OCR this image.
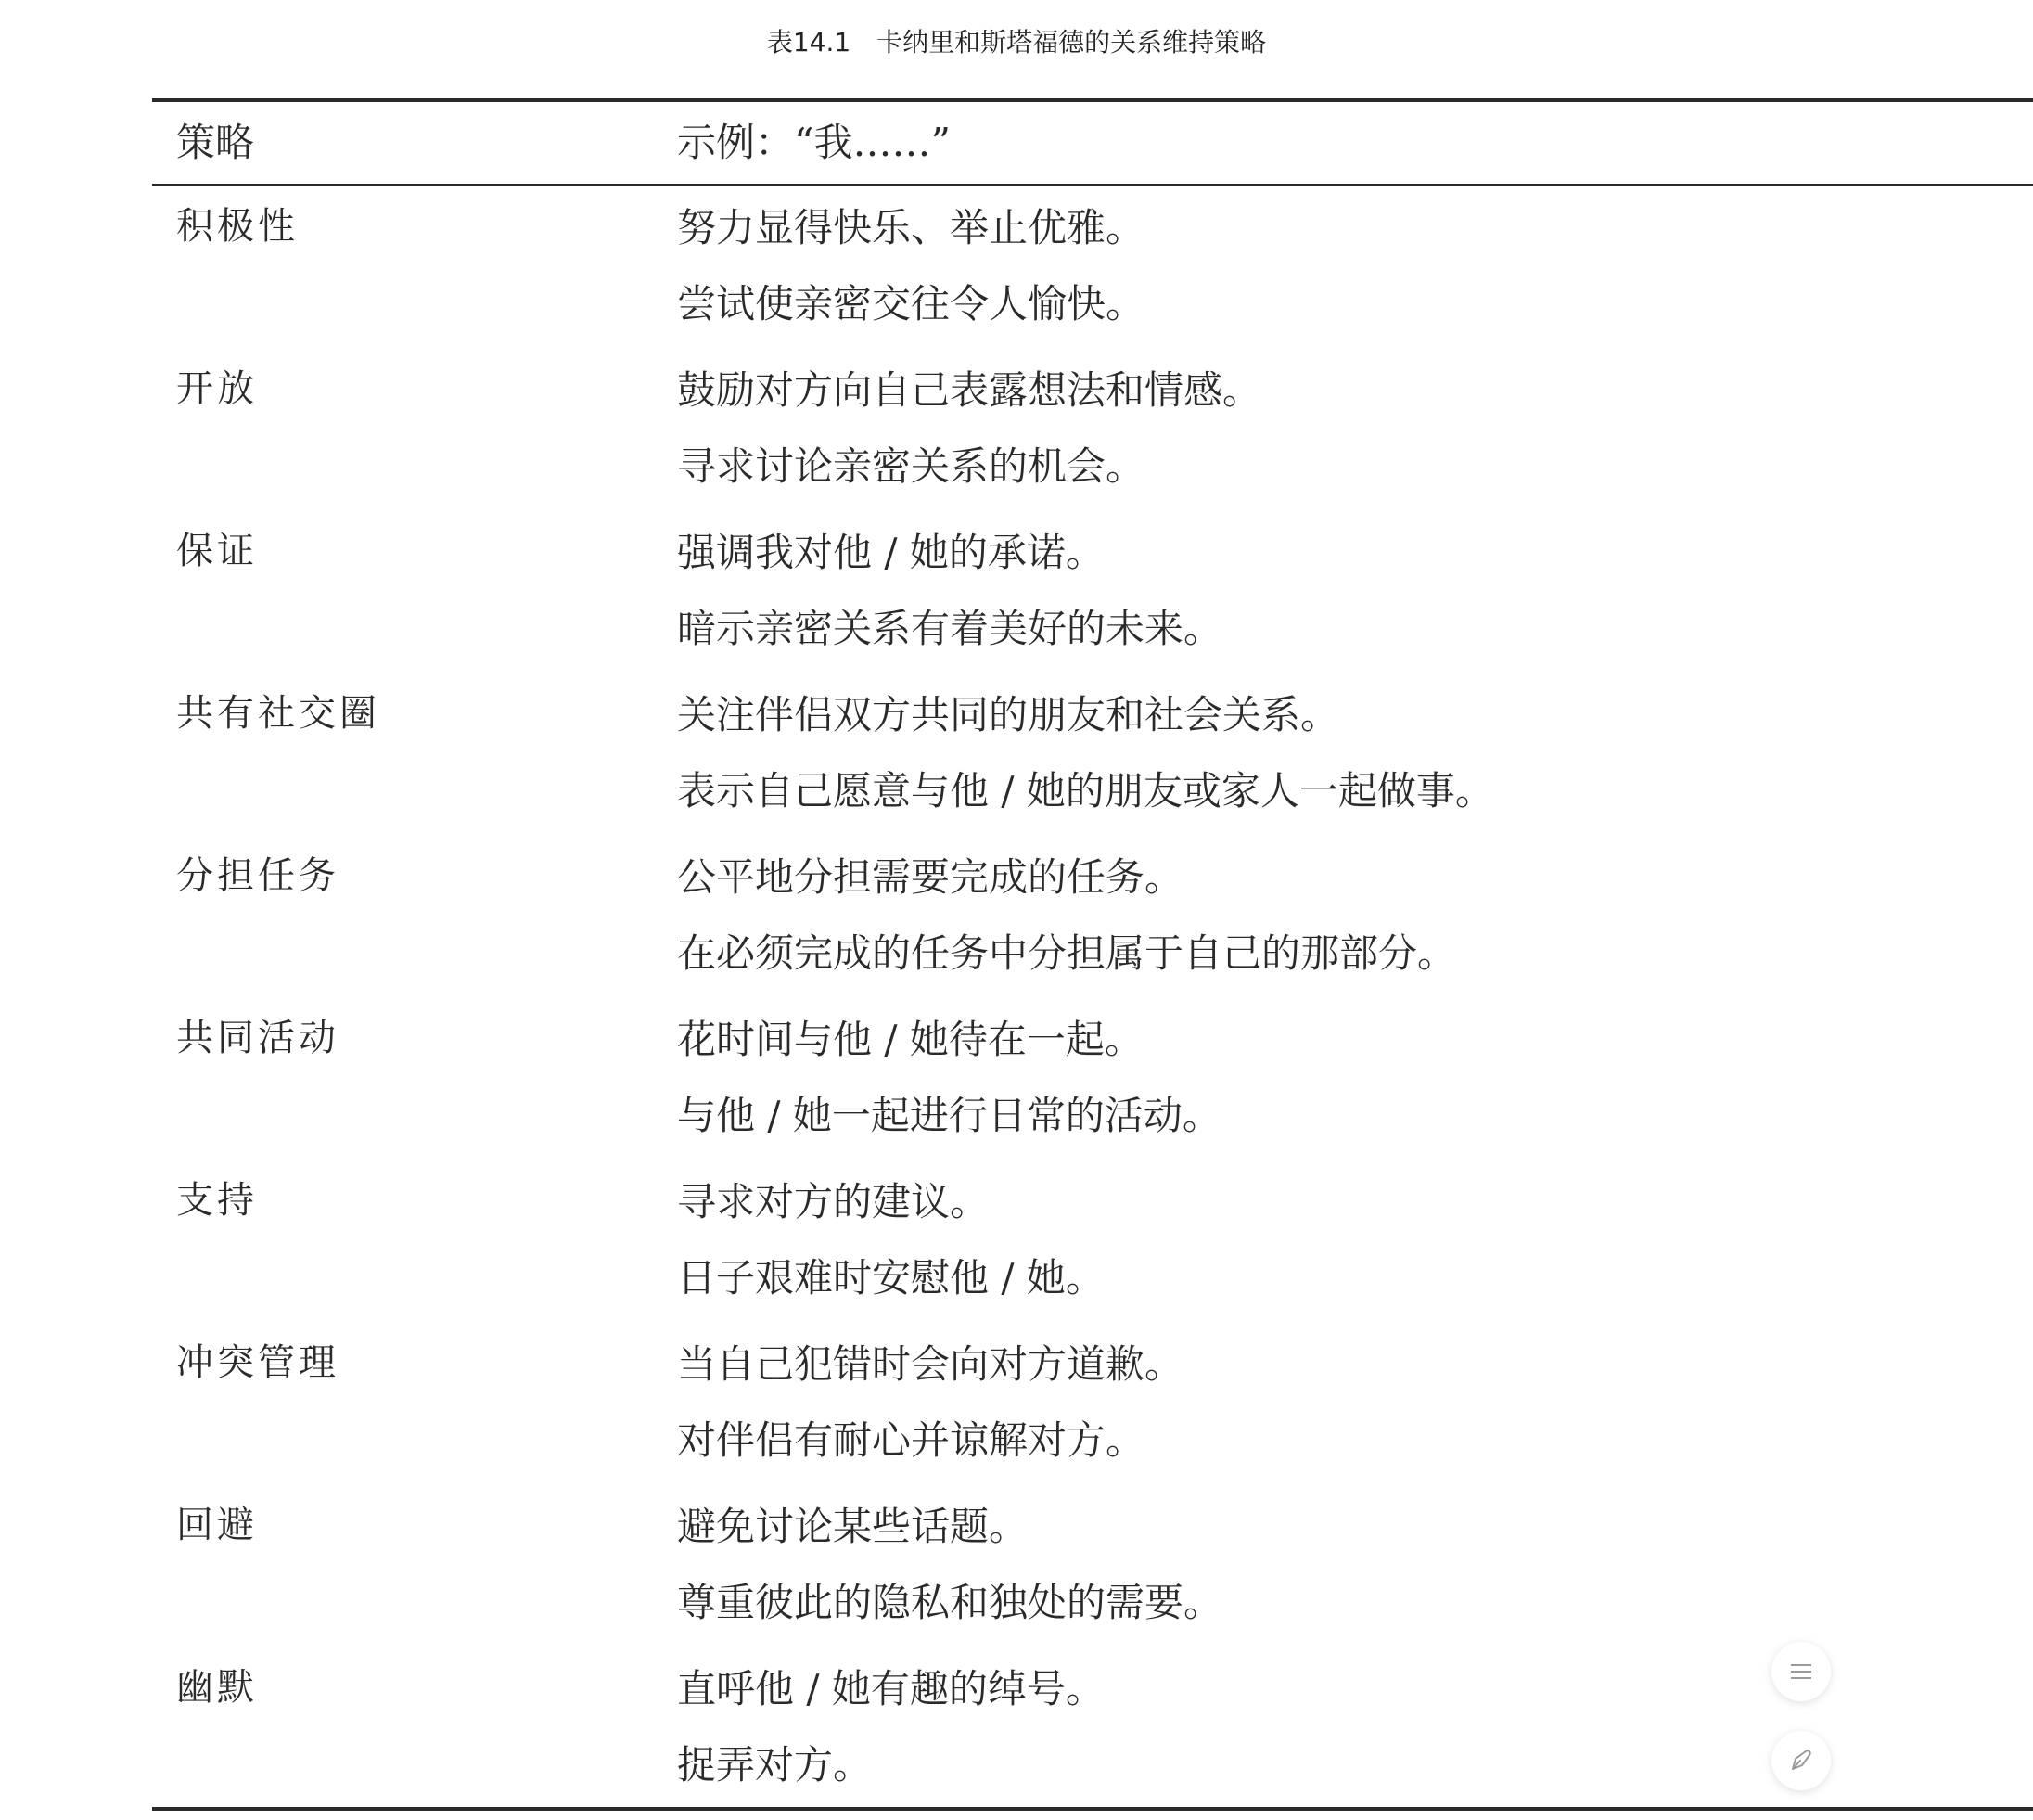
表14.1　卡纳里和斯塔福德的关系维持策略
策略	示例：“我……”
积极性	努力显得快乐、举止优雅。
尝试使亲密交往令人愉快。
开放	鼓励对方向自己表露想法和情感。
寻求讨论亲密关系的机会。
保证	强调我对他 / 她的承诺。
暗示亲密关系有着美好的未来。
共有社交圈	关注伴侣双方共同的朋友和社会关系。
表示自己愿意与他 / 她的朋友或家人一起做事。
分担任务	公平地分担需要完成的任务。
在必须完成的任务中分担属于自己的那部分。
共同活动	花时间与他 / 她待在一起。
与他 / 她一起进行日常的活动。
支持	寻求对方的建议。
日子艰难时安慰他 / 她。
冲突管理	当自己犯错时会向对方道歉。
对伴侣有耐心并谅解对方。
回避	避免讨论某些话题。
尊重彼此的隐私和独处的需要。
幽默	直呼他 / 她有趣的绰号。
捉弄对方。
